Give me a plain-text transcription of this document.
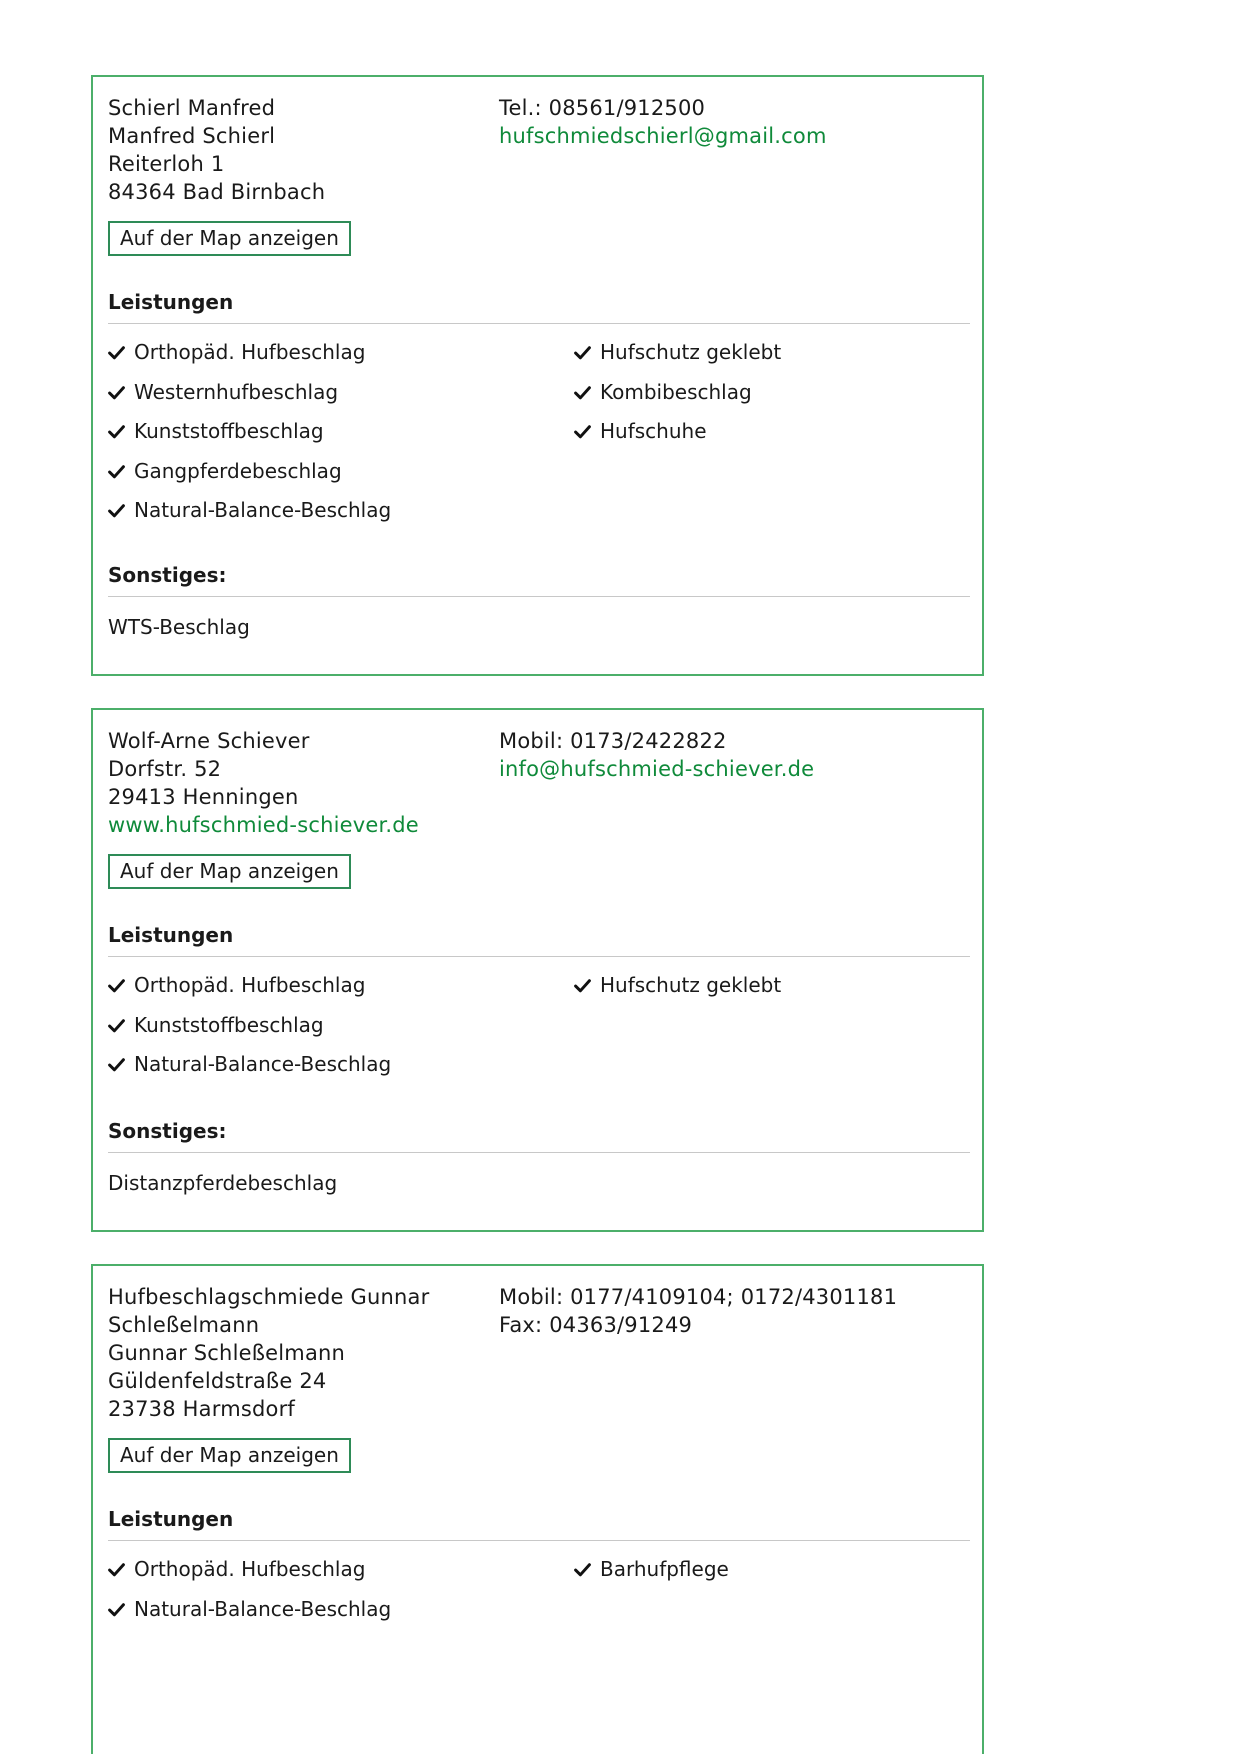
Schierl Manfred
Manfred Schierl
Reiterloh 1
84364 Bad Birnbach
Tel.: 08561/912500
hufschmiedschierl@gmail.com
Auf der Map anzeigen
Leistungen
Orthopäd. Hufbeschlag
Westernhufbeschlag
Kunststoffbeschlag
Gangpferdebeschlag
Natural-Balance-Beschlag
Hufschutz geklebt
Kombibeschlag
Hufschuhe
Sonstiges:
WTS-Beschlag
Wolf-Arne Schiever
Dorfstr. 52
29413 Henningen
www.hufschmied-schiever.de
Mobil: 0173/2422822
info@hufschmied-schiever.de
Auf der Map anzeigen
Leistungen
Orthopäd. Hufbeschlag
Kunststoffbeschlag
Natural-Balance-Beschlag
Hufschutz geklebt
Sonstiges:
Distanzpferdebeschlag
Hufbeschlagschmiede Gunnar
Schleßelmann
Gunnar Schleßelmann
Güldenfeldstraße 24
23738 Harmsdorf
Mobil: 0177/4109104; 0172/4301181
Fax: 04363/91249
Auf der Map anzeigen
Leistungen
Orthopäd. Hufbeschlag
Natural-Balance-Beschlag
Barhufpflege
